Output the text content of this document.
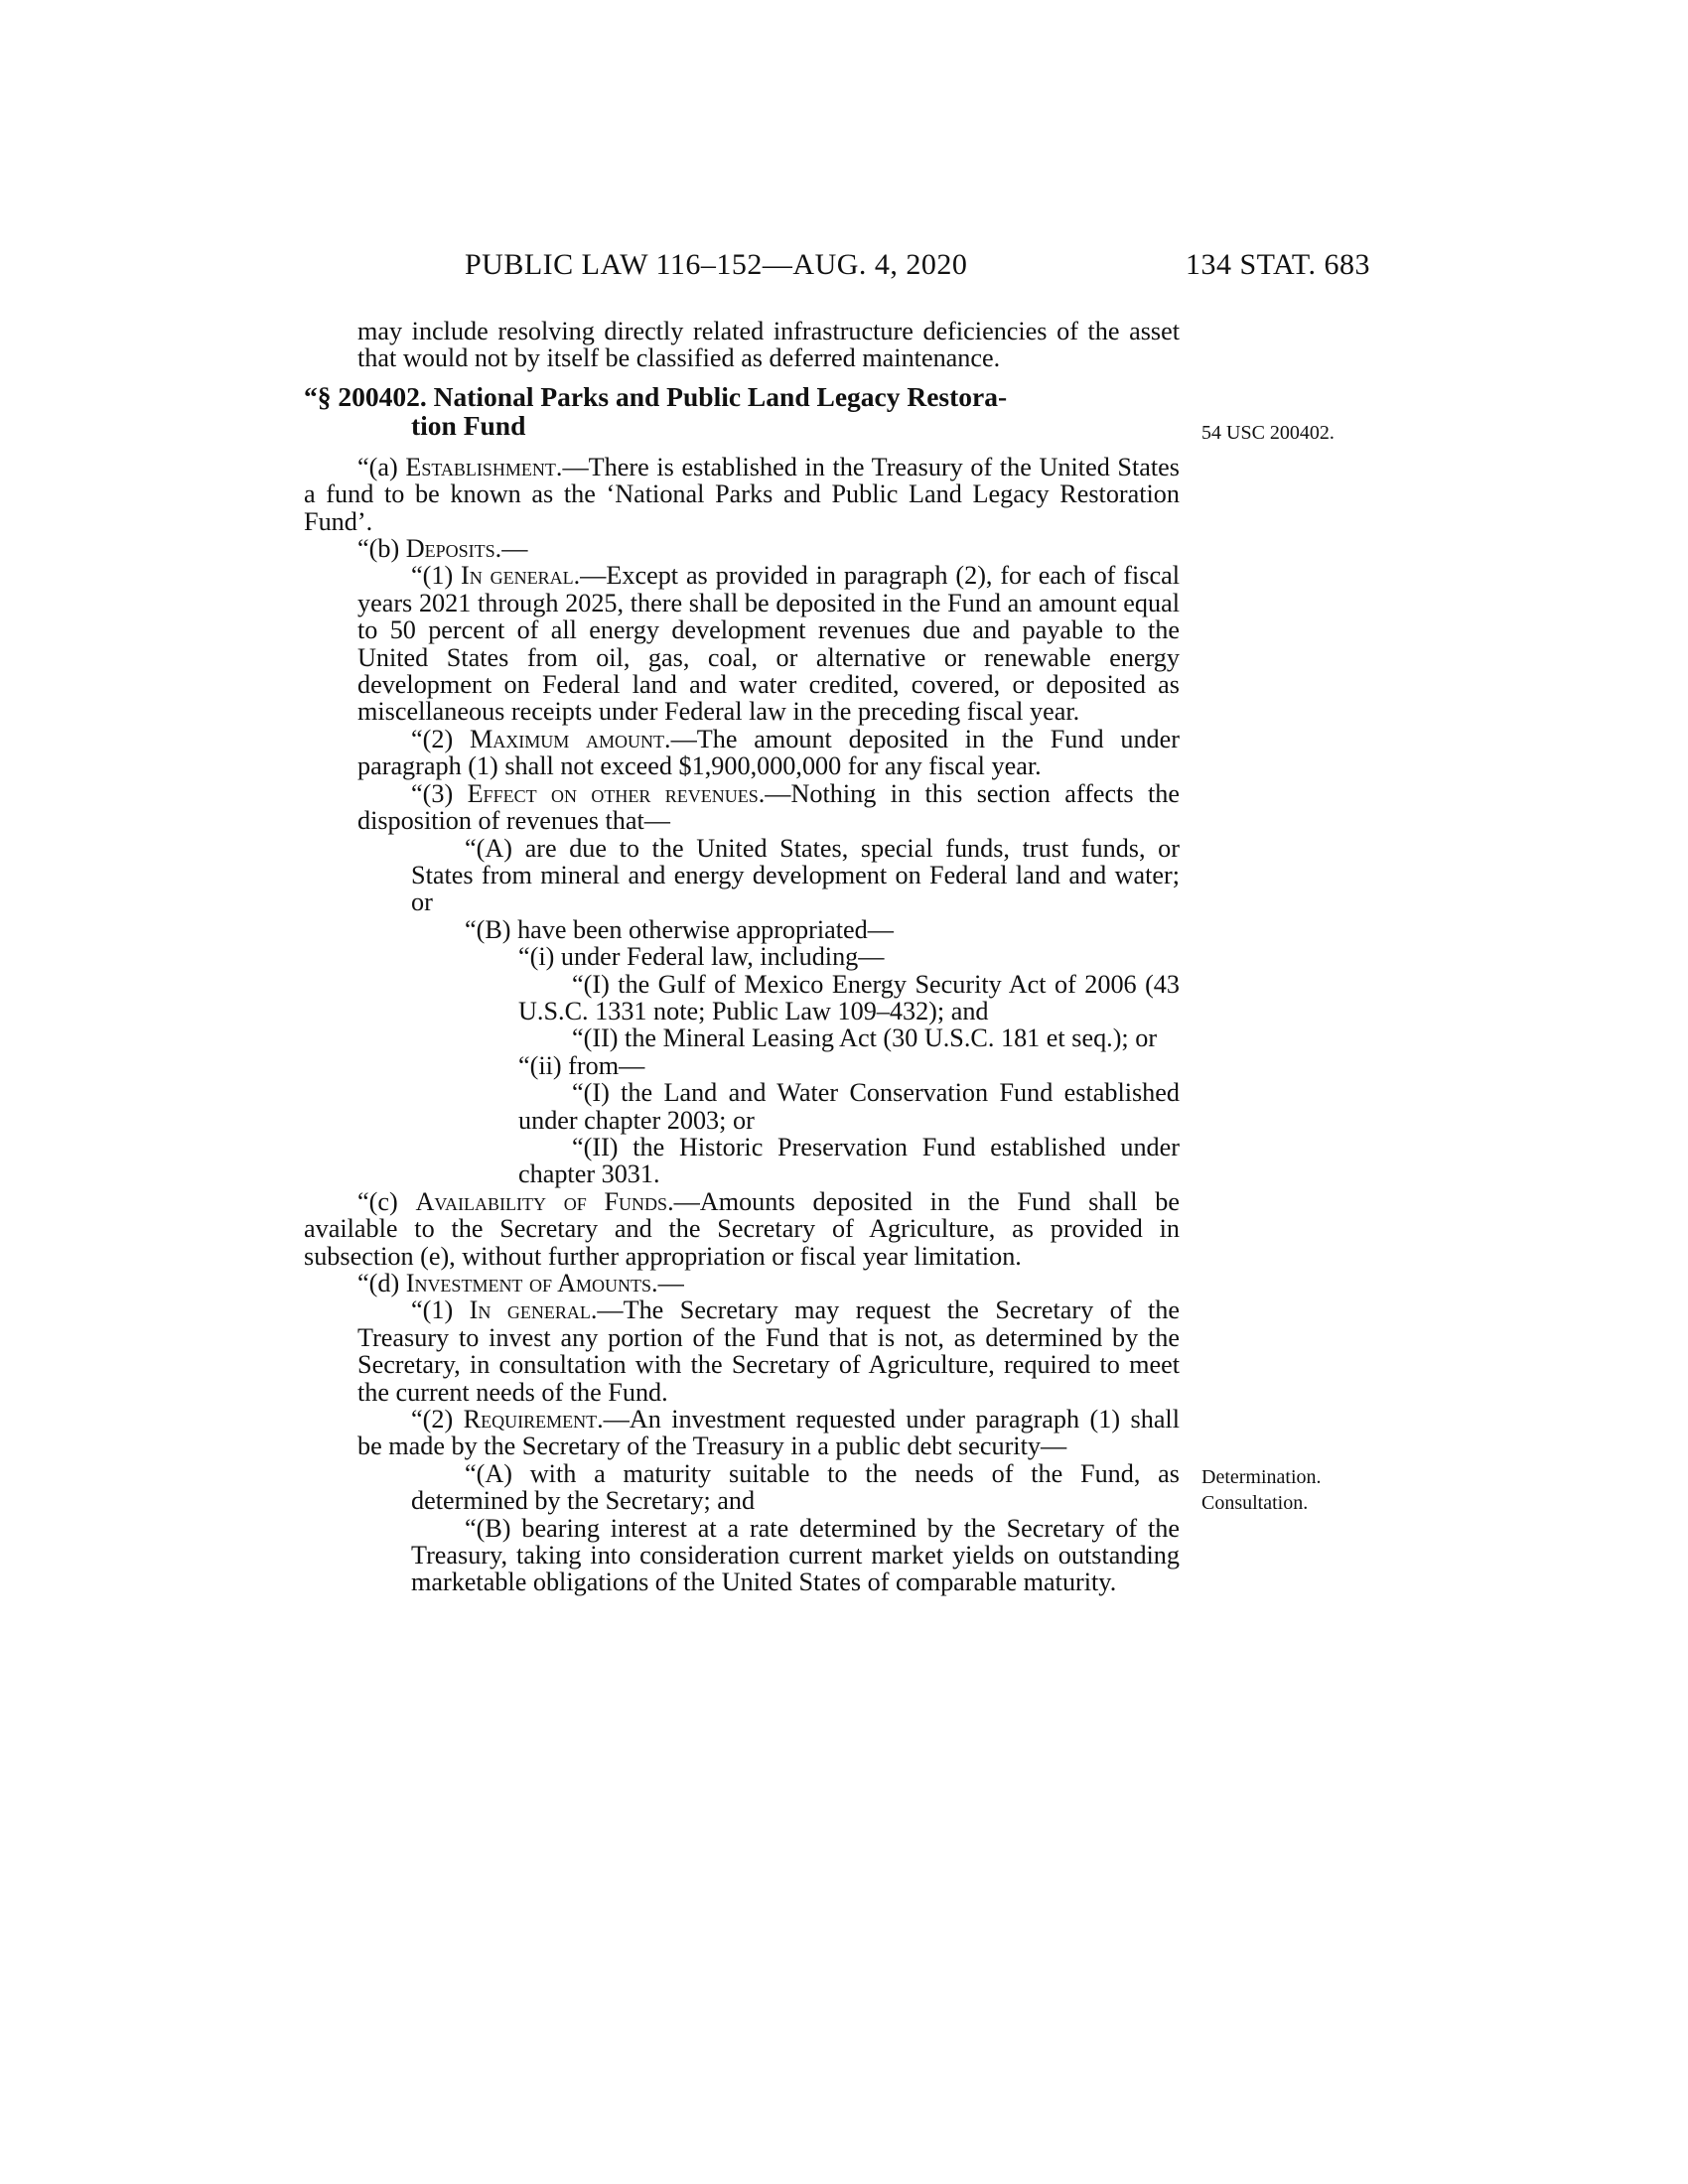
PUBLIC LAW 116–152—AUG. 4, 2020	134 STAT. 683
54 USC 200402.
Determination.
Consultation.

may include resolving directly related infrastructure deficiencies of the asset that would not by itself be classified as deferred maintenance.

“§ 200402. National Parks and Public Land Legacy Restora-
tion Fund

“(a) Establishment.—There is established in the Treasury of the United States a fund to be known as the ‘National Parks and Public Land Legacy Restoration Fund’.

“(b) Deposits.—

“(1) In general.—Except as provided in paragraph (2), for each of fiscal years 2021 through 2025, there shall be deposited in the Fund an amount equal to 50 percent of all energy development revenues due and payable to the United States from oil, gas, coal, or alternative or renewable energy development on Federal land and water credited, covered, or deposited as miscellaneous receipts under Federal law in the preceding fiscal year.

“(2) Maximum amount.—The amount deposited in the Fund under paragraph (1) shall not exceed $1,900,000,000 for any fiscal year.

“(3) Effect on other revenues.—Nothing in this section affects the disposition of revenues that—

“(A) are due to the United States, special funds, trust funds, or States from mineral and energy development on Federal land and water; or

“(B) have been otherwise appropriated—

“(i) under Federal law, including—

“(I) the Gulf of Mexico Energy Security Act of 2006 (43 U.S.C. 1331 note; Public Law 109–432); and

“(II) the Mineral Leasing Act (30 U.S.C. 181 et seq.); or

“(ii) from—

“(I) the Land and Water Conservation Fund established under chapter 2003; or

“(II) the Historic Preservation Fund established under chapter 3031.

“(c) Availability of Funds.—Amounts deposited in the Fund shall be available to the Secretary and the Secretary of Agriculture, as provided in subsection (e), without further appropriation or fiscal year limitation.

“(d) Investment of Amounts.—

“(1) In general.—The Secretary may request the Secretary of the Treasury to invest any portion of the Fund that is not, as determined by the Secretary, in consultation with the Secretary of Agriculture, required to meet the current needs of the Fund.

“(2) Requirement.—An investment requested under paragraph (1) shall be made by the Secretary of the Treasury in a public debt security—

“(A) with a maturity suitable to the needs of the Fund, as determined by the Secretary; and

“(B) bearing interest at a rate determined by the Secretary of the Treasury, taking into consideration current market yields on outstanding marketable obligations of the United States of comparable maturity.
